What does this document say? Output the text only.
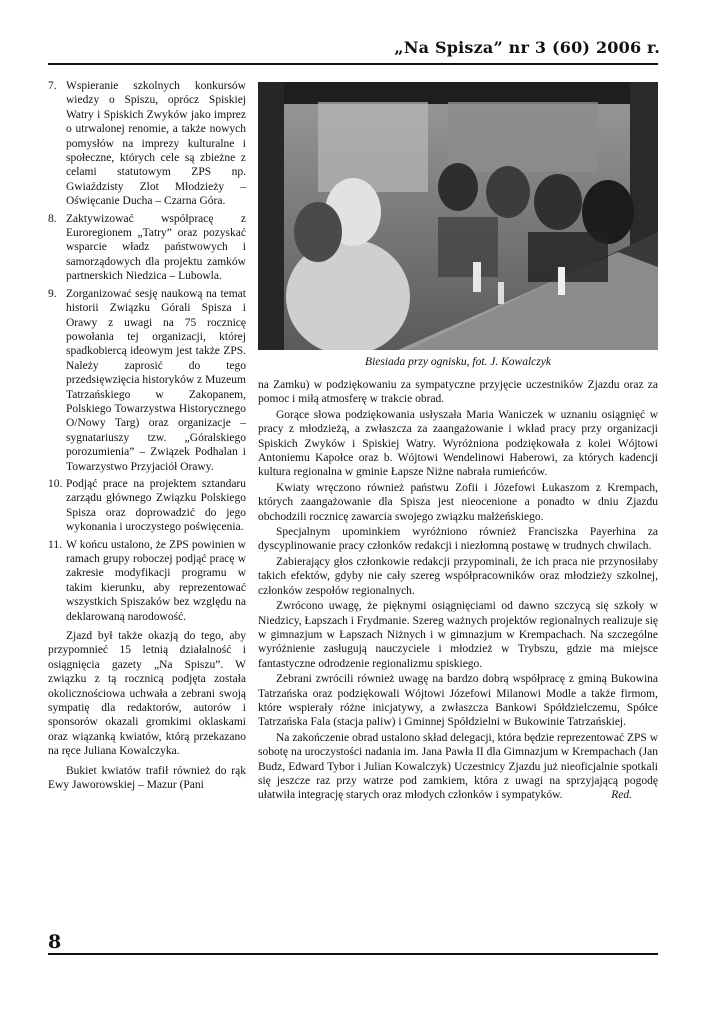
„Na Spisza” nr 3 (60) 2006 r.
7. Wspieranie szkolnych konkursów wiedzy o Spiszu, oprócz Spiskiej Watry i Spiskich Zwyków jako imprez o utrwalonej renomie, a także nowych pomysłów na imprezy kulturalne i społeczne, których cele są zbieżne z celami statutowym ZPS np. Gwiaździsty Zlot Młodzieży – Oświęcanie Ducha – Czarna Góra.
8. Zaktywizować współpracę z Euroregionem „Tatry” oraz pozyskać wsparcie władz państwowych i samorządowych dla projektu zamków partnerskich Niedzica – Lubowla.
9. Zorganizować sesję naukową na temat historii Związku Górali Spisza i Orawy z uwagi na 75 rocznicę powołania tej organizacji, której spadkobiercą ideowym jest także ZPS. Należy zaprosić do tego przedsięwzięcia historyków z Muzeum Tatrzańskiego w Zakopanem, Polskiego Towarzystwa Historycznego O/Nowy Targ) oraz organizacje – sygnatariuszy tzw. „Góralskiego porozumienia” – Związek Podhalan i Towarzystwo Przyjaciół Orawy.
10. Podjąć prace na projektem sztandaru zarządu głównego Związku Polskiego Spisza oraz doprowadzić do jego wykonania i uroczystego poświęcenia.
11. W końcu ustalono, że ZPS powinien w ramach grupy roboczej podjąć pracę w zakresie modyfikacji programu w takim kierunku, aby reprezentować wszystkich Spiszaków bez względu na deklarowaną narodowość.

Zjazd był także okazją do tego, aby przypomnieć 15 letnią działalność i osiągnięcia gazety „Na Spiszu”. W związku z tą rocznicą podjęta została okolicznościowa uchwała a zebrani swoją sympatię dla redaktorów, autorów i sponsorów okazali gromkimi oklaskami oraz wiązanką kwiatów, którą przekazano na ręce Juliana Kowalczyka.

Bukiet kwiatów trafił również do rąk Ewy Jaworowskiej – Mazur (Pani

Biesiada przy ognisku, fot. J. Kowalczyk

na Zamku) w podziękowaniu za sympatyczne przyjęcie uczestników Zjazdu oraz za pomoc i miłą atmosferę w trakcie obrad.

Gorące słowa podziękowania usłyszała Maria Waniczek w uznaniu osiągnięć w pracy z młodzieżą, a zwłaszcza za zaangażowanie i wkład pracy przy organizacji Spiskich Zwyków i Spiskiej Watry. Wyróżniona podziękowała z kolei Wójtowi Antoniemu Kapołce oraz b. Wójtowi Wendelinowi Haberowi, za których kadencji kultura regionalna w gminie Łapsze Niżne nabrała rumieńców.

Kwiaty wręczono również państwu Zofii i Józefowi Łukaszom z Krempach, których zaangażowanie dla Spisza jest nieocenione a ponadto w dniu Zjazdu obchodzili rocznicę zawarcia swojego związku małżeńskiego.

Specjalnym upominkiem wyróżniono również Franciszka Payerhina za dyscyplinowanie pracy członków redakcji i niezłomną postawę w trudnych chwilach.

Zabierający głos członkowie redakcji przypominali, że ich praca nie przynosiłaby takich efektów, gdyby nie cały szereg współpracowników oraz młodzieży szkolnej, członków zespołów regionalnych.

Zwrócono uwagę, że pięknymi osiągnięciami od dawno szczycą się szkoły w Niedzicy, Łapszach i Frydmanie. Szereg ważnych projektów regionalnych realizuje się w gimnazjum w Łapszach Niżnych i w gimnazjum w Krempachach. Na szczególne wyróżnienie zasługują nauczyciele i młodzież w Trybszu, gdzie ma miejsce fantastyczne odrodzenie regionalizmu spiskiego.

Zebrani zwrócili również uwagę na bardzo dobrą współpracę z gminą Bukowina Tatrzańska oraz podziękowali Wójtowi Józefowi Milanowi Modle a także firmom, które wspierały różne inicjatywy, a zwłaszcza Bankowi Spółdzielczemu, Spółce Tatrzańska Fala (stacja paliw) i Gminnej Spółdzielni w Bukowinie Tatrzańskiej.

Na zakończenie obrad ustalono skład delegacji, która będzie reprezentować ZPS w sobotę na uroczystości nadania im. Jana Pawła II dla Gimnazjum w Krempachach (Jan Budz, Edward Tybor i Julian Kowalczyk) Uczestnicy Zjazdu już nieoficjalnie spotkali się jeszcze raz przy watrze pod zamkiem, która z uwagi na sprzyjającą pogodę ułatwiła integrację starych oraz młodych członków i sympatyków.	Red.

8
